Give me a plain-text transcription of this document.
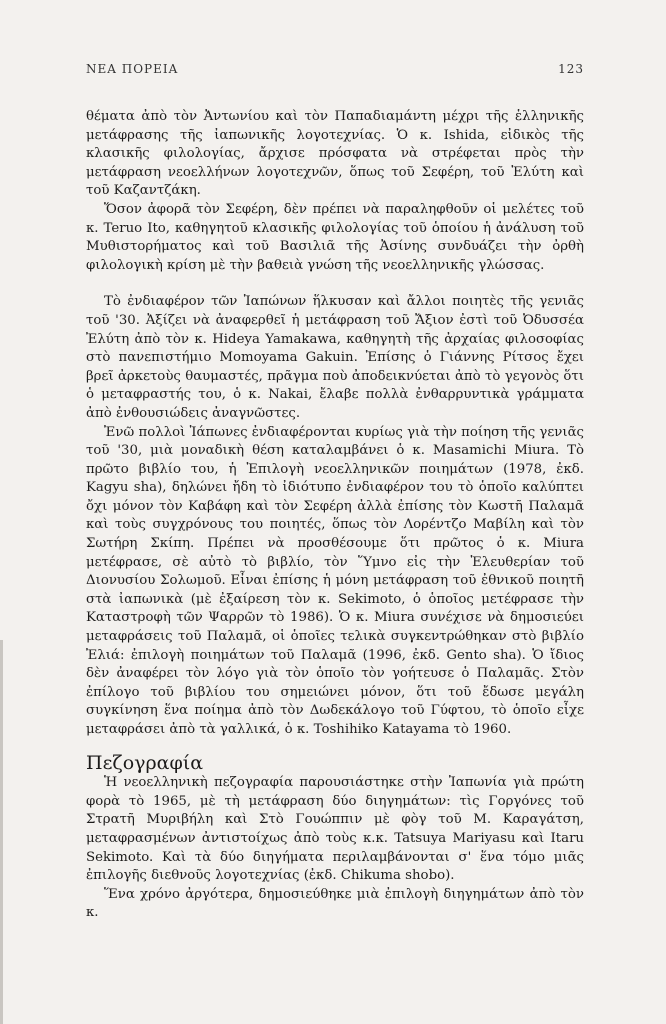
ΝΕΑ ΠΟΡΕΙΑ	123

θέματα ἀπὸ τὸν Ἀντωνίου καὶ τὸν Παπαδιαμάντη μέχρι τῆς ἑλληνικῆς μετάφρασης τῆς ἰαπωνικῆς λογοτεχνίας. Ὁ κ. Ishida, εἰδικὸς τῆς κλασικῆς φιλολογίας, ἄρχισε πρόσφατα νὰ στρέφεται πρὸς τὴν μετάφραση νεοελλήνων λογοτεχνῶν, ὅπως τοῦ Σεφέρη, τοῦ Ἐλύτη καὶ τοῦ Καζαντζάκη.

Ὅσον ἀφορᾶ τὸν Σεφέρη, δὲν πρέπει νὰ παραληφθοῦν οἱ μελέτες τοῦ κ. Teruo Ito, καθηγητοῦ κλασικῆς φιλολογίας τοῦ ὁποίου ἡ ἀνάλυση τοῦ Μυθιστορήματος καὶ τοῦ Βασιλιᾶ τῆς Ἀσίνης συνδυάζει τὴν ὀρθὴ φιλολογικὴ κρίση μὲ τὴν βαθειὰ γνώση τῆς νεοελληνικῆς γλώσσας.

Τὸ ἐνδιαφέρον τῶν Ἰαπώνων ἥλκυσαν καὶ ἄλλοι ποιητὲς τῆς γενιᾶς τοῦ '30. Ἀξίζει νὰ ἀναφερθεῖ ἡ μετάφραση τοῦ Ἄξιον ἐστὶ τοῦ Ὀδυσσέα Ἐλύτη ἀπὸ τὸν κ. Hideya Yamakawa, καθηγητὴ τῆς ἀρχαίας φιλοσοφίας στὸ πανεπιστήμιο Momoyama Gakuin. Ἐπίσης ὁ Γιάννης Ρίτσος ἔχει βρεῖ ἀρκετοὺς θαυμαστές, πρᾶγμα ποὺ ἀποδεικνύεται ἀπὸ τὸ γεγονὸς ὅτι ὁ μεταφραστής του, ὁ κ. Nakai, ἔλαβε πολλὰ ἐνθαρρυντικὰ γράμματα ἀπὸ ἐνθουσιώδεις ἀναγνῶστες.

Ἐνῶ πολλοὶ Ἰάπωνες ἐνδιαφέρονται κυρίως γιὰ τὴν ποίηση τῆς γενιᾶς τοῦ '30, μιὰ μοναδικὴ θέση καταλαμβάνει ὁ κ. Masamichi Miura. Τὸ πρῶτο βιβλίο του, ἡ Ἐπιλογὴ νεοελληνικῶν ποιημάτων (1978, ἐκδ. Kagyu sha), δηλώνει ἤδη τὸ ἰδιότυπο ἐνδιαφέρον του τὸ ὁποῖο καλύπτει ὄχι μόνον τὸν Καβάφη καὶ τὸν Σεφέρη ἀλλὰ ἐπίσης τὸν Κωστῆ Παλαμᾶ καὶ τοὺς συγχρόνους του ποιητές, ὅπως τὸν Λορέντζο Μαβίλη καὶ τὸν Σωτήρη Σκίπη. Πρέπει νὰ προσθέσουμε ὅτι πρῶτος ὁ κ. Miura μετέφρασε, σὲ αὐτὸ τὸ βιβλίο, τὸν Ὕμνο εἰς τὴν Ἐλευθερίαν τοῦ Διονυσίου Σολωμοῦ. Εἶναι ἐπίσης ἡ μόνη μετάφραση τοῦ ἐθνικοῦ ποιητῆ στὰ ἰαπωνικὰ (μὲ ἐξαίρεση τὸν κ. Sekimoto, ὁ ὁποῖος μετέφρασε τὴν Καταστροφὴ τῶν Ψαρρῶν τὸ 1986). Ὁ κ. Miura συνέχισε νὰ δημοσιεύει μεταφράσεις τοῦ Παλαμᾶ, οἱ ὁποῖες τελικὰ συγκεντρώθηκαν στὸ βιβλίο Ἐλιά: ἐπιλογὴ ποιημάτων τοῦ Παλαμᾶ (1996, ἐκδ. Gento sha). Ὁ ἴδιος δὲν ἀναφέρει τὸν λόγο γιὰ τὸν ὁποῖο τὸν γοήτευσε ὁ Παλαμᾶς. Στὸν ἐπίλογο τοῦ βιβλίου του σημειώνει μόνον, ὅτι τοῦ ἔδωσε μεγάλη συγκίνηση ἕνα ποίημα ἀπὸ τὸν Δωδεκάλογο τοῦ Γύφτου, τὸ ὁποῖο εἶχε μεταφράσει ἀπὸ τὰ γαλλικά, ὁ κ. Toshihiko Katayama τὸ 1960.

Πεζογραφία

Ἡ νεοελληνικὴ πεζογραφία παρουσιάστηκε στὴν Ἰαπωνία γιὰ πρώτη φορὰ τὸ 1965, μὲ τὴ μετάφραση δύο διηγημάτων: τὶς Γοργόνες τοῦ Στρατῆ Μυριβήλη καὶ Στὸ Γουώππιν μὲ φὸγ τοῦ Μ. Καραγάτση, μεταφρασμένων ἀντιστοίχως ἀπὸ τοὺς κ.κ. Tatsuya Mariyasu καὶ Itaru Sekimoto. Καὶ τὰ δύο διηγήματα περιλαμβάνονται σ' ἕνα τόμο μιᾶς ἐπιλογῆς διεθνοῦς λογοτεχνίας (ἐκδ. Chikuma shobo).

Ἕνα χρόνο ἀργότερα, δημοσιεύθηκε μιὰ ἐπιλογὴ διηγημάτων ἀπὸ τὸν κ.
